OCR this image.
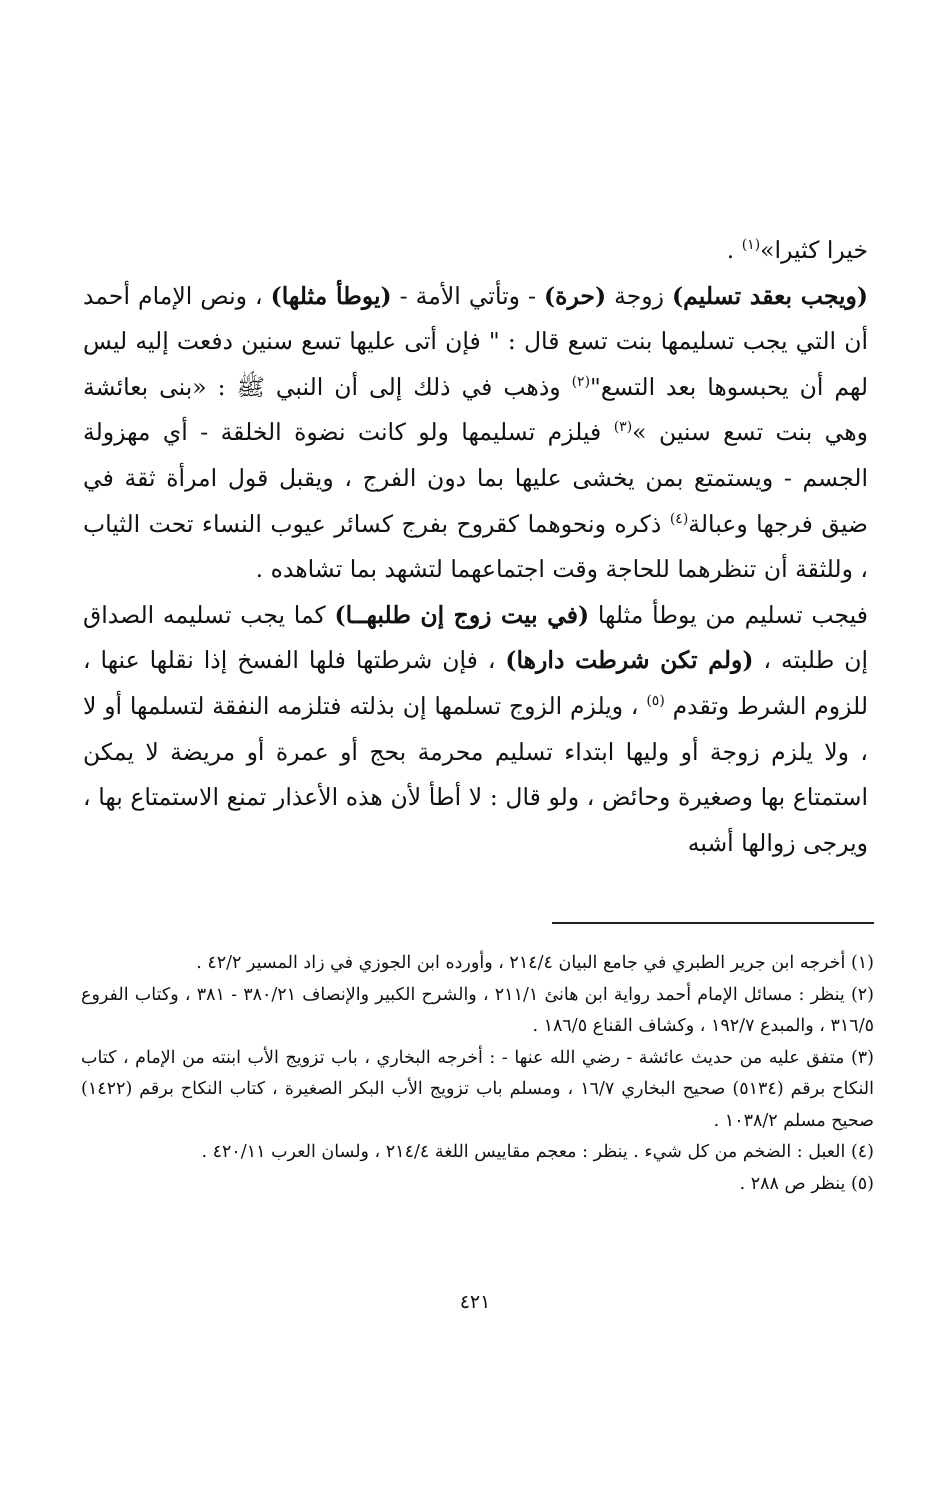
خيرا كثيرا»$^{(١)}$ .

(ويجب بعقد تسليم) زوجة (حرة) - وتأتي الأمة - (يوطأ مثلها) ، ونص الإمام أحمد أن التي يجب تسليمها بنت تسع قال : " فإن أتى عليها تسع سنين دفعت إليه ليس لهم أن يحبسوها بعد التسع"$^{(٢)}$ وذهب في ذلك إلى أن النبي ﷺ : «بنى بعائشة وهي بنت تسع سنين »$^{(٣)}$ فيلزم تسليمها ولو كانت نضوة الخلقة - أي مهزولة الجسم - ويستمتع بمن يخشى عليها بما دون الفرج ، ويقبل قول امرأة ثقة في ضيق فرجها وعبالة$^{(٤)}$ ذكره ونحوهما كقروح بفرج كسائر عيوب النساء تحت الثياب ، وللثقة أن تنظرهما للحاجة وقت اجتماعهما لتشهد بما تشاهده .

فيجب تسليم من يوطأ مثلها (في بيت زوج إن طلبهــا) كما يجب تسليمه الصداق إن طلبته ، (ولم تكن شرطت دارها) ، فإن شرطتها فلها الفسخ إذا نقلها عنها ، للزوم الشرط وتقدم $^{(٥)}$ ، ويلزم الزوج تسلمها إن بذلته فتلزمه النفقة لتسلمها أو لا ، ولا يلزم زوجة أو وليها ابتداء تسليم محرمة بحج أو عمرة أو مريضة لا يمكن استمتاع بها وصغيرة وحائض ، ولو قال : لا أطأ لأن هذه الأعذار تمنع الاستمتاع بها ، ويرجى زوالها أشبه

(١) أخرجه ابن جرير الطبري في جامع البيان ٢١٤/٤ ، وأورده ابن الجوزي في زاد المسير ٤٢/٢ .

(٢) ينظر : مسائل الإمام أحمد رواية ابن هانئ ٢١١/١ ، والشرح الكبير والإنصاف ٣٨٠/٢١ - ٣٨١ ، وكتاب الفروع ٣١٦/٥ ، والمبدع ١٩٢/٧ ، وكشاف القناع ١٨٦/٥ .

(٣) متفق عليه من حديث عائشة - رضي الله عنها - : أخرجه البخاري ، باب تزويج الأب ابنته من الإمام ، كتاب النكاح برقم (٥١٣٤) صحيح البخاري ١٦/٧ ، ومسلم باب تزويج الأب البكر الصغيرة ، كتاب النكاح برقم (١٤٢٢) صحيح مسلم ١٠٣٨/٢ .

(٤) العبل : الضخم من كل شيء . ينظر : معجم مقاييس اللغة ٢١٤/٤ ، ولسان العرب ٤٢٠/١١ .

(٥) ينظر ص ٢٨٨ .

٤٢١
